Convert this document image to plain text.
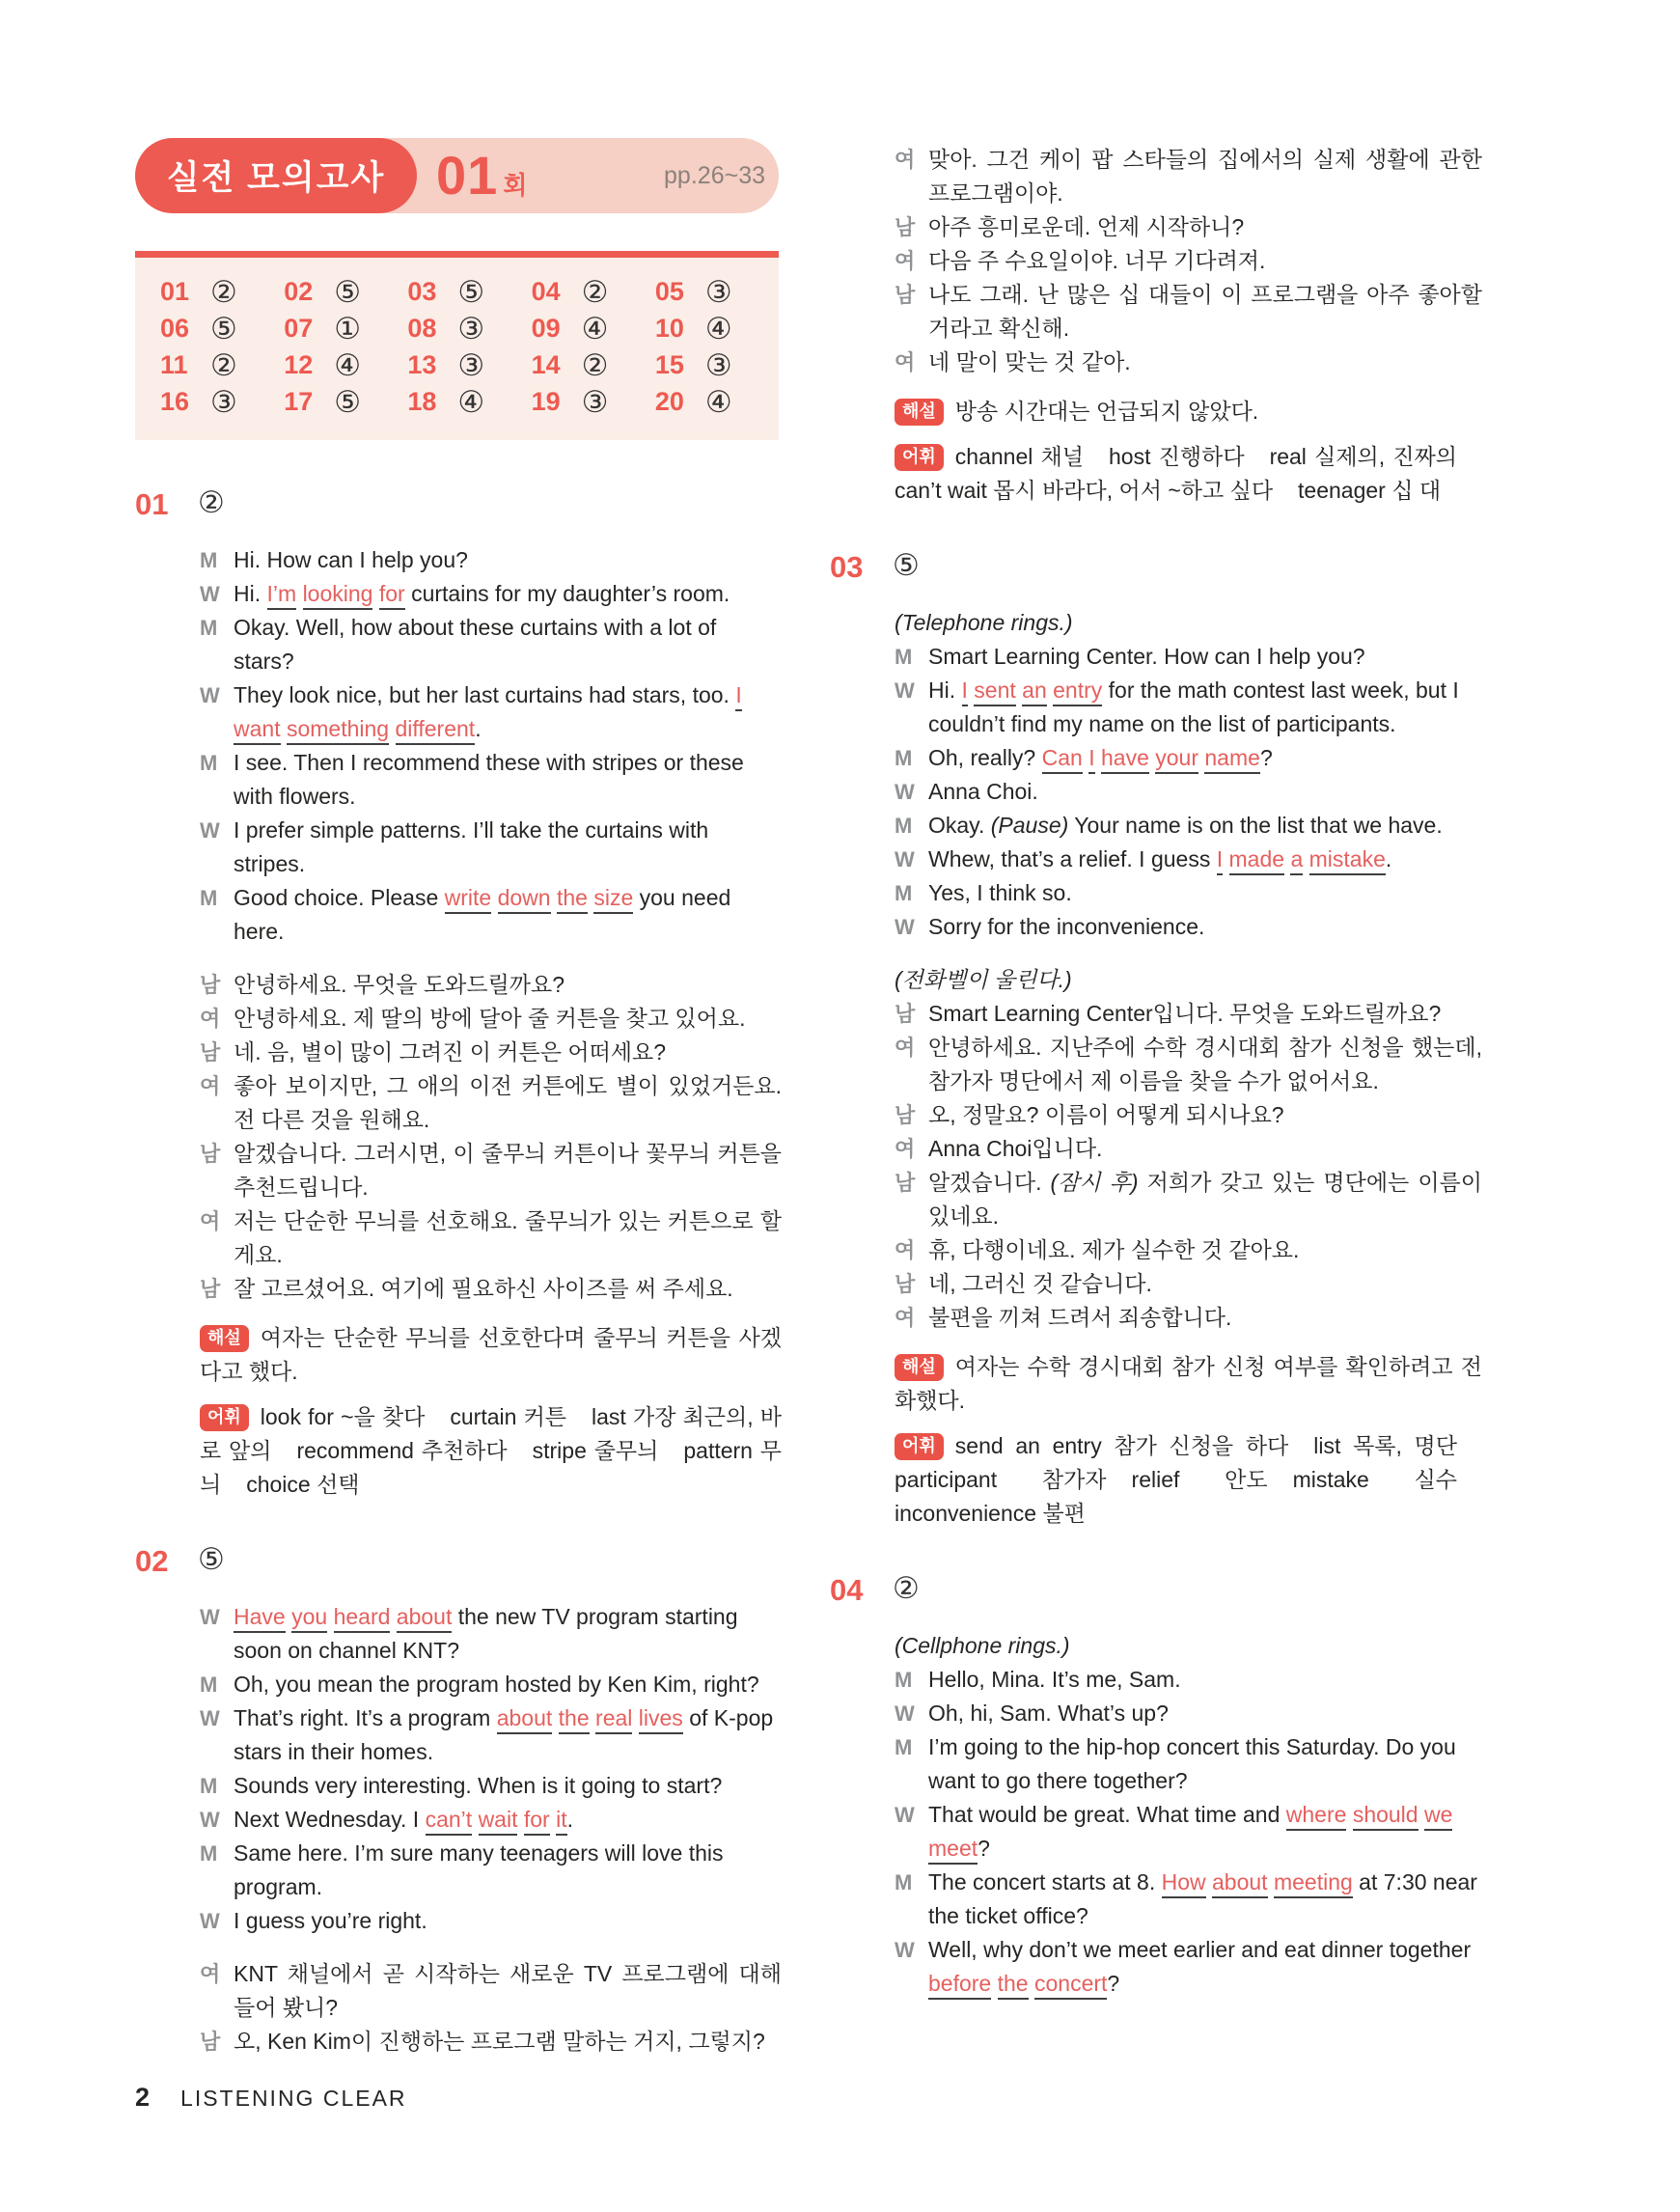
실전 모의고사 01 회	pp.26~33
01 ② 02 ⑤ 03 ⑤ 04 ② 05 ③
06 ⑤ 07 ① 08 ③ 09 ④ 10 ④
11 ② 12 ④ 13 ③ 14 ② 15 ③
16 ③ 17 ⑤ 18 ④ 19 ③ 20 ④
01 ②
M Hi. How can I help you?
W Hi. I’m looking for curtains for my daughter’s room.
M Okay. Well, how about these curtains with a lot of stars?
W They look nice, but her last curtains had stars, too. I want something different.
M I see. Then I recommend these with stripes or these with flowers.
W I prefer simple patterns. I’ll take the curtains with stripes.
M Good choice. Please write down the size you need here.
남 안녕하세요. 무엇을 도와드릴까요?
여 안녕하세요. 제 딸의 방에 달아 줄 커튼을 찾고 있어요.
남 네. 음, 별이 많이 그려진 이 커튼은 어떠세요?
여 좋아 보이지만, 그 애의 이전 커튼에도 별이 있었거든요. 전 다른 것을 원해요.
남 알겠습니다. 그러시면, 이 줄무늬 커튼이나 꽃무늬 커튼을 추천드립니다.
여 저는 단순한 무늬를 선호해요. 줄무늬가 있는 커튼으로 할게요.
남 잘 고르셨어요. 여기에 필요하신 사이즈를 써 주세요.
해설 여자는 단순한 무늬를 선호한다며 줄무늬 커튼을 사겠다고 했다.
어휘 look for ~을 찾다 curtain 커튼 last 가장 최근의, 바로 앞의 recommend 추천하다 stripe 줄무늬 pattern 무늬 choice 선택
02 ⑤
W Have you heard about the new TV program starting soon on channel KNT?
M Oh, you mean the program hosted by Ken Kim, right?
W That’s right. It’s a program about the real lives of K-pop stars in their homes.
M Sounds very interesting. When is it going to start?
W Next Wednesday. I can’t wait for it.
M Same here. I’m sure many teenagers will love this program.
W I guess you’re right.
여 KNT 채널에서 곧 시작하는 새로운 TV 프로그램에 대해 들어 봤니?
남 오, Ken Kim이 진행하는 프로그램 말하는 거지, 그렇지?
여 맞아. 그건 케이 팝 스타들의 집에서의 실제 생활에 관한 프로그램이야.
남 아주 흥미로운데. 언제 시작하니?
여 다음 주 수요일이야. 너무 기다려져.
남 나도 그래. 난 많은 십 대들이 이 프로그램을 아주 좋아할 거라고 확신해.
여 네 말이 맞는 것 같아.
해설 방송 시간대는 언급되지 않았다.
어휘 channel 채널 host 진행하다 real 실제의, 진짜의can’t wait 몹시 바라다, 어서 ~하고 싶다 teenager 십 대
03 ⑤
(Telephone rings.)
M Smart Learning Center. How can I help you?
W Hi. I sent an entry for the math contest last week, but I couldn’t find my name on the list of participants.
M Oh, really? Can I have your name?
W Anna Choi.
M Okay. (Pause) Your name is on the list that we have.
W Whew, that’s a relief. I guess I made a mistake.
M Yes, I think so.
W Sorry for the inconvenience.
(전화벨이 울린다.)
남 Smart Learning Center입니다. 무엇을 도와드릴까요?
여 안녕하세요. 지난주에 수학 경시대회 참가 신청을 했는데, 참가자 명단에서 제 이름을 찾을 수가 없어서요.
남 오, 정말요? 이름이 어떻게 되시나요?
여 Anna Choi입니다.
남 알겠습니다. (잠시 후) 저희가 갖고 있는 명단에는 이름이 있네요.
여 휴, 다행이네요. 제가 실수한 것 같아요.
남 네, 그러신 것 같습니다.
여 불편을 끼쳐 드려서 죄송합니다.
해설 여자는 수학 경시대회 참가 신청 여부를 확인하려고 전화했다.
어휘 send an entry 참가 신청을 하다 list 목록, 명단participant 참가자 relief 안도 mistake 실수inconvenience 불편
04 ②
(Cellphone rings.)
M Hello, Mina. It’s me, Sam.
W Oh, hi, Sam. What’s up?
M I’m going to the hip-hop concert this Saturday. Do you want to go there together?
W That would be great. What time and where should we meet?
M The concert starts at 8. How about meeting at 7:30 near the ticket office?
W Well, why don’t we meet earlier and eat dinner together before the concert?
2 LISTENING CLEAR
